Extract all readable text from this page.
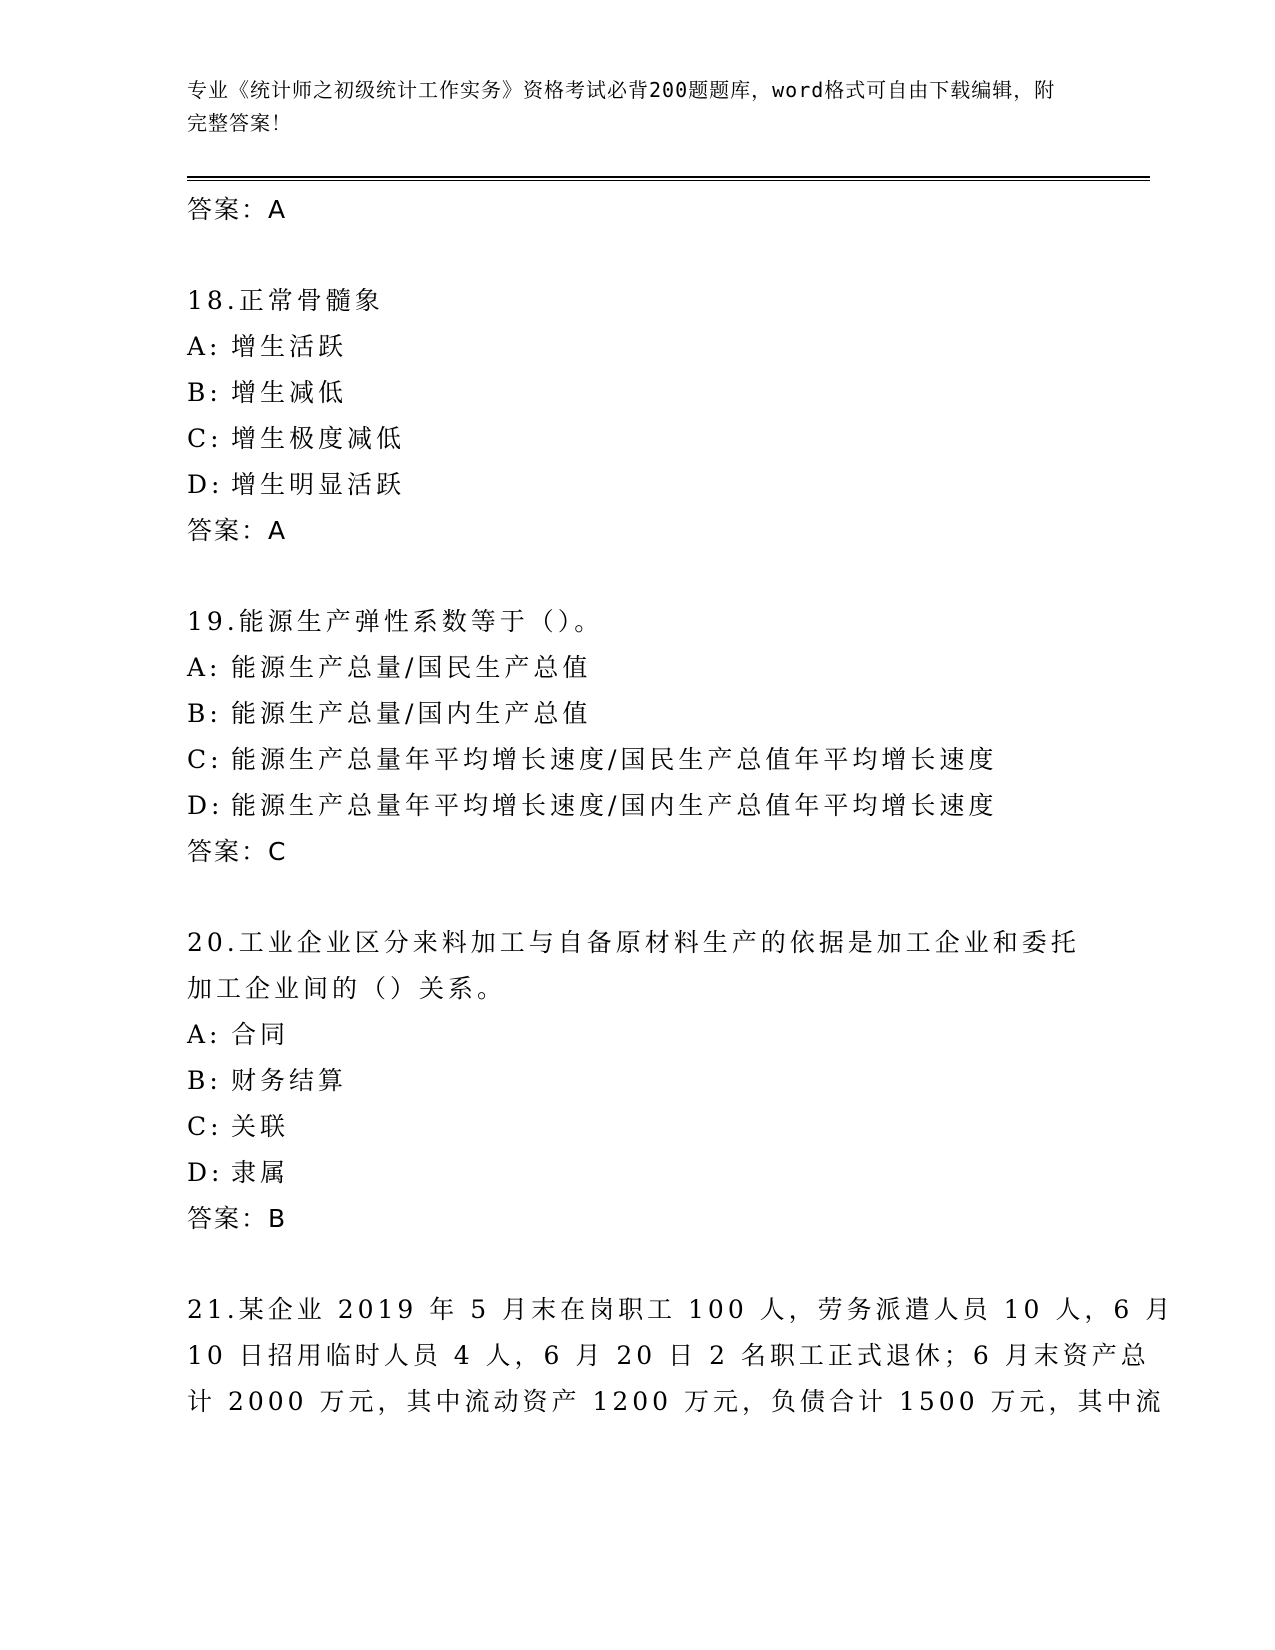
专业《统计师之初级统计工作实务》资格考试必背200题题库，word格式可自由下载编辑，附完整答案！
答案：A
18.正常骨髓象
A: 增生活跃
B: 增生减低
C: 增生极度减低
D: 增生明显活跃
答案：A
19.能源生产弹性系数等于（）。
A: 能源生产总量/国民生产总值
B: 能源生产总量/国内生产总值
C: 能源生产总量年平均增长速度/国民生产总值年平均增长速度
D: 能源生产总量年平均增长速度/国内生产总值年平均增长速度
答案：C
20.工业企业区分来料加工与自备原材料生产的依据是加工企业和委托
加工企业间的（）关系。
A: 合同
B: 财务结算
C: 关联
D: 隶属
答案：B
21.某企业 2019 年 5 月末在岗职工 100 人，劳务派遣人员 10 人，6 月
10 日招用临时人员 4 人，6 月 20 日 2 名职工正式退休；6 月末资产总
计 2000 万元，其中流动资产 1200 万元，负债合计 1500 万元，其中流
